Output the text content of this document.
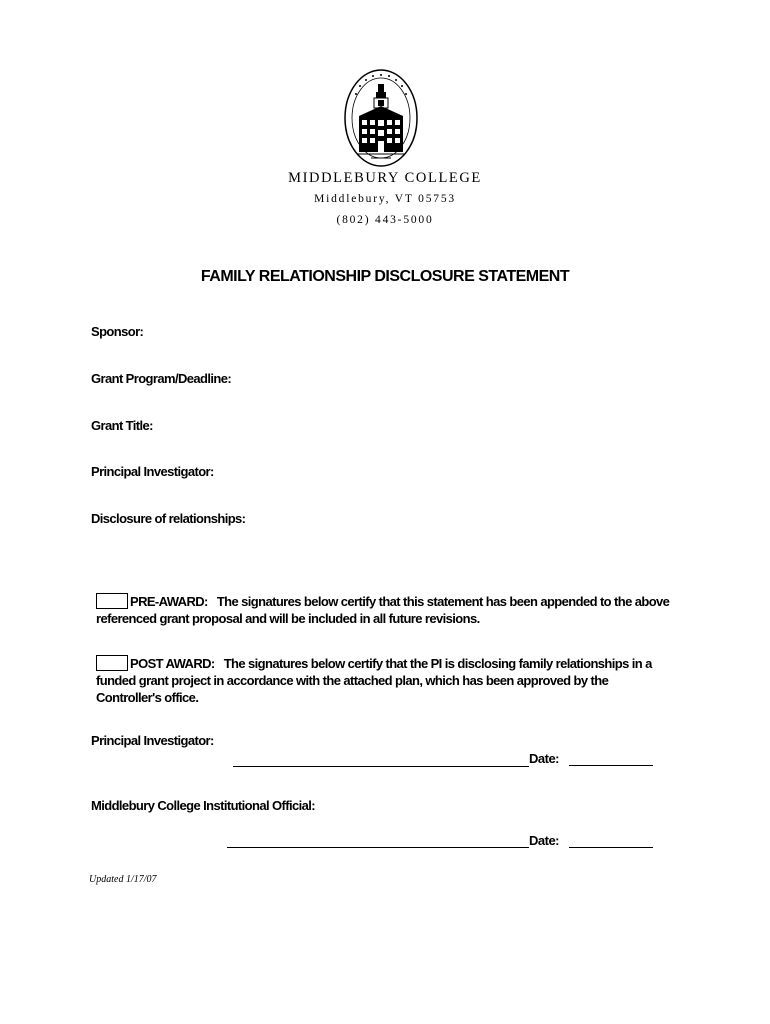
MIDDLEBURY COLLEGE
Middlebury, VT 05753
(802) 443-5000
FAMILY RELATIONSHIP DISCLOSURE STATEMENT
Sponsor:
Grant Program/Deadline:
Grant Title:
Principal Investigator:
Disclosure of relationships:
PRE-AWARD: The signatures below certify that this statement has been appended to the above referenced grant proposal and will be included in all future revisions.
POST AWARD: The signatures below certify that the PI is disclosing family relationships in a funded grant project in accordance with the attached plan, which has been approved by the Controller's office.
Principal Investigator:
Date:
Middlebury College Institutional Official:
Date:
Updated 1/17/07
